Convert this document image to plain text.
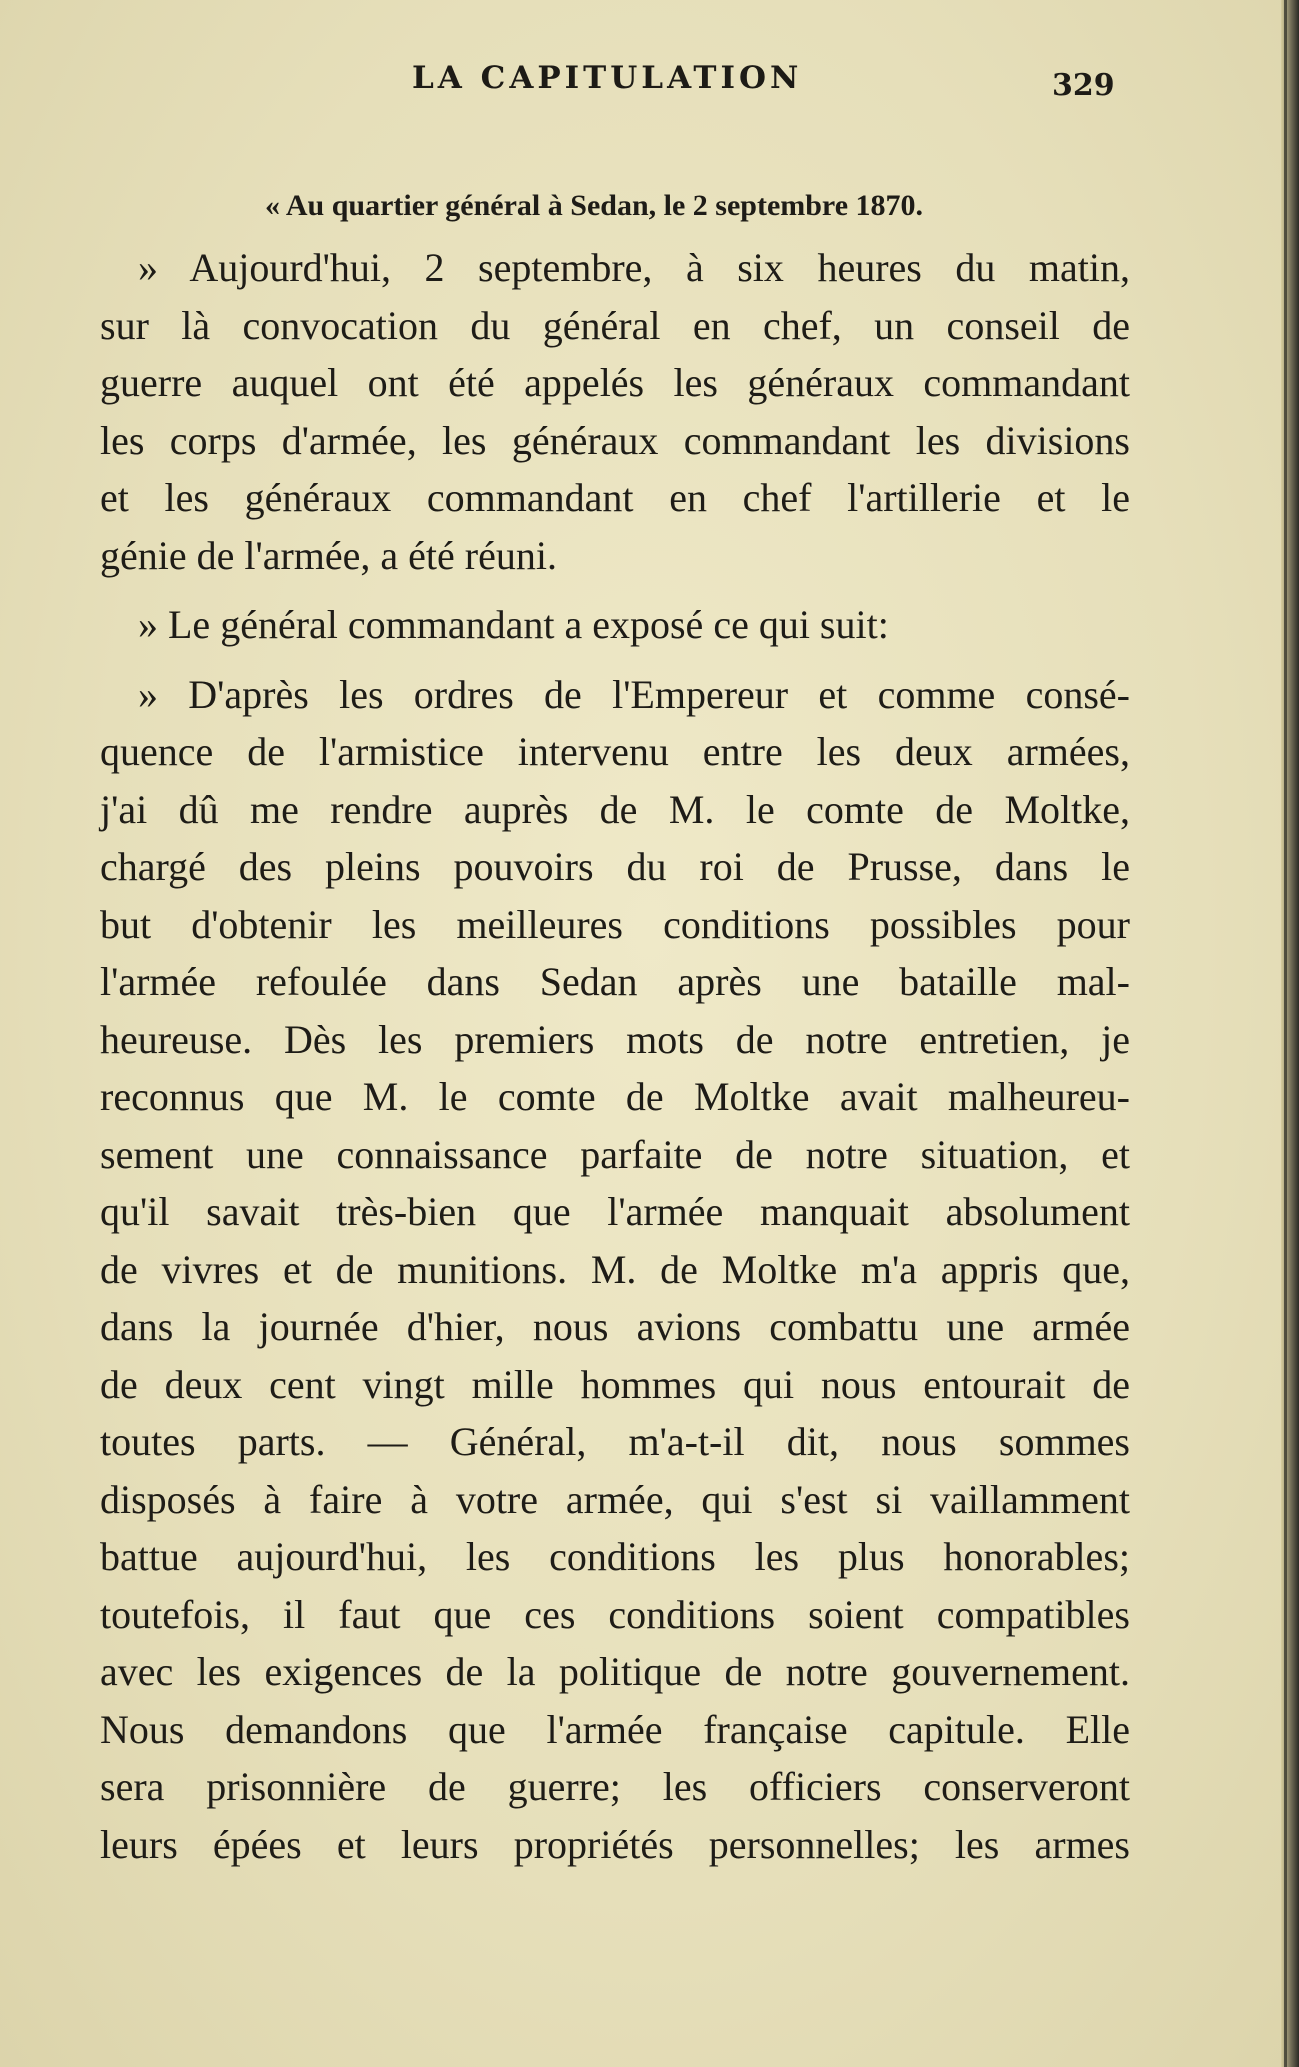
LA CAPITULATION	329
« Au quartier général à Sedan, le 2 septembre 1870.

» Aujourd'hui, 2 septembre, à six heures du matin,
sur là convocation du général en chef, un conseil de
guerre auquel ont été appelés les généraux commandant
les corps d'armée, les généraux commandant les divisions
et les généraux commandant en chef l'artillerie et le
génie de l'armée, a été réuni.

» Le général commandant a exposé ce qui suit:

» D'après les ordres de l'Empereur et comme consé-
quence de l'armistice intervenu entre les deux armées,
j'ai dû me rendre auprès de M. le comte de Moltke,
chargé des pleins pouvoirs du roi de Prusse, dans le
but d'obtenir les meilleures conditions possibles pour
l'armée refoulée dans Sedan après une bataille mal-
heureuse. Dès les premiers mots de notre entretien, je
reconnus que M. le comte de Moltke avait malheureu-
sement une connaissance parfaite de notre situation, et
qu'il savait très-bien que l'armée manquait absolument
de vivres et de munitions. M. de Moltke m'a appris que,
dans la journée d'hier, nous avions combattu une armée
de deux cent vingt mille hommes qui nous entourait de
toutes parts. — Général, m'a-t-il dit, nous sommes
disposés à faire à votre armée, qui s'est si vaillamment
battue aujourd'hui, les conditions les plus honorables;
toutefois, il faut que ces conditions soient compatibles
avec les exigences de la politique de notre gouvernement.
Nous demandons que l'armée française capitule. Elle
sera prisonnière de guerre; les officiers conserveront
leurs épées et leurs propriétés personnelles; les armes
